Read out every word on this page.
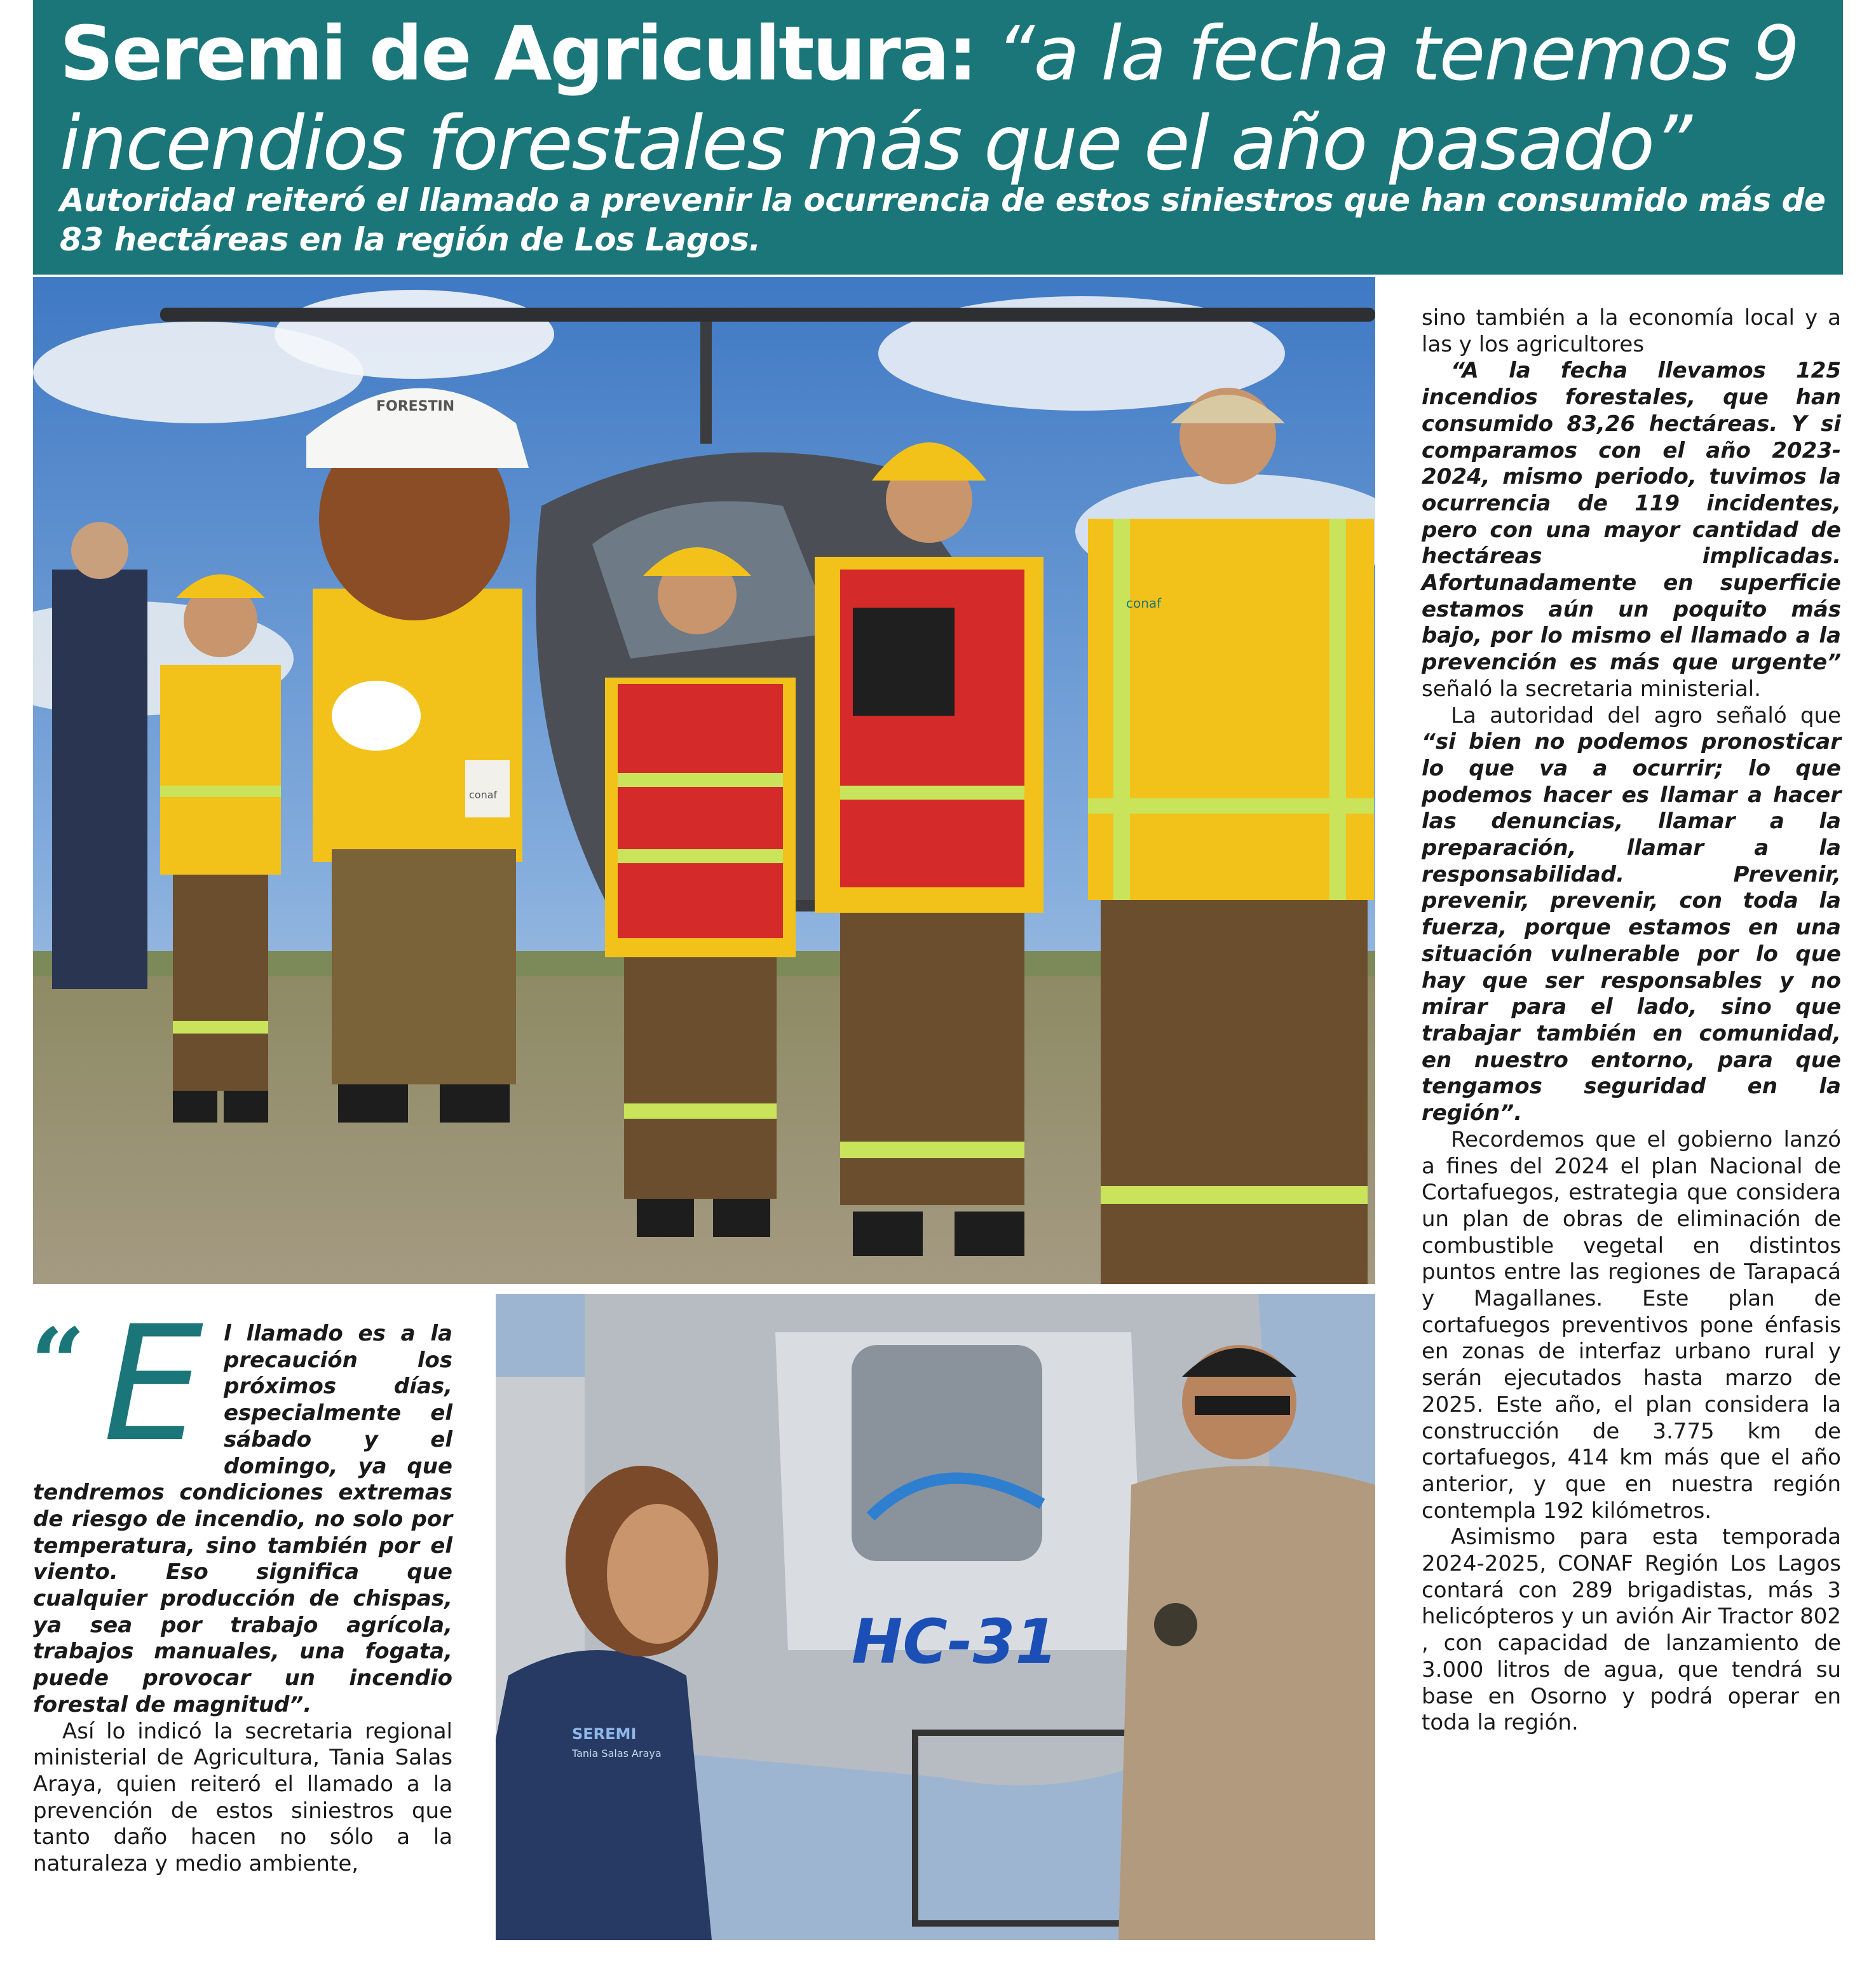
Seremi de Agricultura: “a la fecha tenemos 9 incendios forestales más que el año pasado”

Autoridad reiteró el llamado a prevenir la ocurrencia de estos siniestros que han consumido más de 83 hectáreas en la región de Los Lagos.

FORESTIN
conaf
conaf

sino también a la economía local y a las y los agricultores

“A la fecha llevamos 125 incendios forestales, que han consumido 83,26 hectáreas. Y si comparamos con el año 2023-2024, mismo periodo, tuvimos la ocurrencia de 119 incidentes, pero con una mayor cantidad de hectáreas implicadas. Afortunadamente en superficie estamos aún un poquito más bajo, por lo mismo el llamado a la prevención es más que urgente” señaló la secretaria ministerial.

La autoridad del agro señaló que “si bien no podemos pronosticar lo que va a ocurrir; lo que podemos hacer es llamar a hacer las denuncias, llamar a la preparación, llamar a la responsabilidad. Prevenir, prevenir, prevenir, con toda la fuerza, porque estamos en una situación vulnerable por lo que hay que ser responsables y no mirar para el lado, sino que trabajar también en comunidad, en nuestro entorno, para que tengamos seguridad en la región”.

Recordemos que el gobierno lanzó a fines del 2024 el plan Nacional de Cortafuegos, estrategia que considera un plan de obras de eliminación de combustible vegetal en distintos puntos entre las regiones de Tarapacá y Magallanes. Este plan de cortafuegos preventivos pone énfasis en zonas de interfaz urbano rural y serán ejecutados hasta marzo de 2025. Este año, el plan considera la construcción de 3.775 km de cortafuegos, 414 km más que el año anterior, y que en nuestra región contempla 192 kilómetros.

Asimismo para esta temporada 2024-2025, CONAF Región Los Lagos contará con 289 brigadistas, más 3 helicópteros y un avión Air Tractor 802 , con capacidad de lanzamiento de 3.000 litros de agua, que tendrá su base en Osorno y podrá operar en toda la región.

“ E l llamado es a la precaución los próximos días, especialmente el sábado y el domingo, ya que tendremos condiciones extremas de riesgo de incendio, no solo por temperatura, sino también por el viento. Eso significa que cualquier producción de chispas, ya sea por trabajo agrícola, trabajos manuales, una fogata, puede provocar un incendio forestal de magnitud”.

Así lo indicó la secretaria regional ministerial de Agricultura, Tania Salas Araya, quien reiteró el llamado a la prevención de estos siniestros que tanto daño hacen no sólo a la naturaleza y medio ambiente,

HC-31
SEREMI
Tania Salas Araya
